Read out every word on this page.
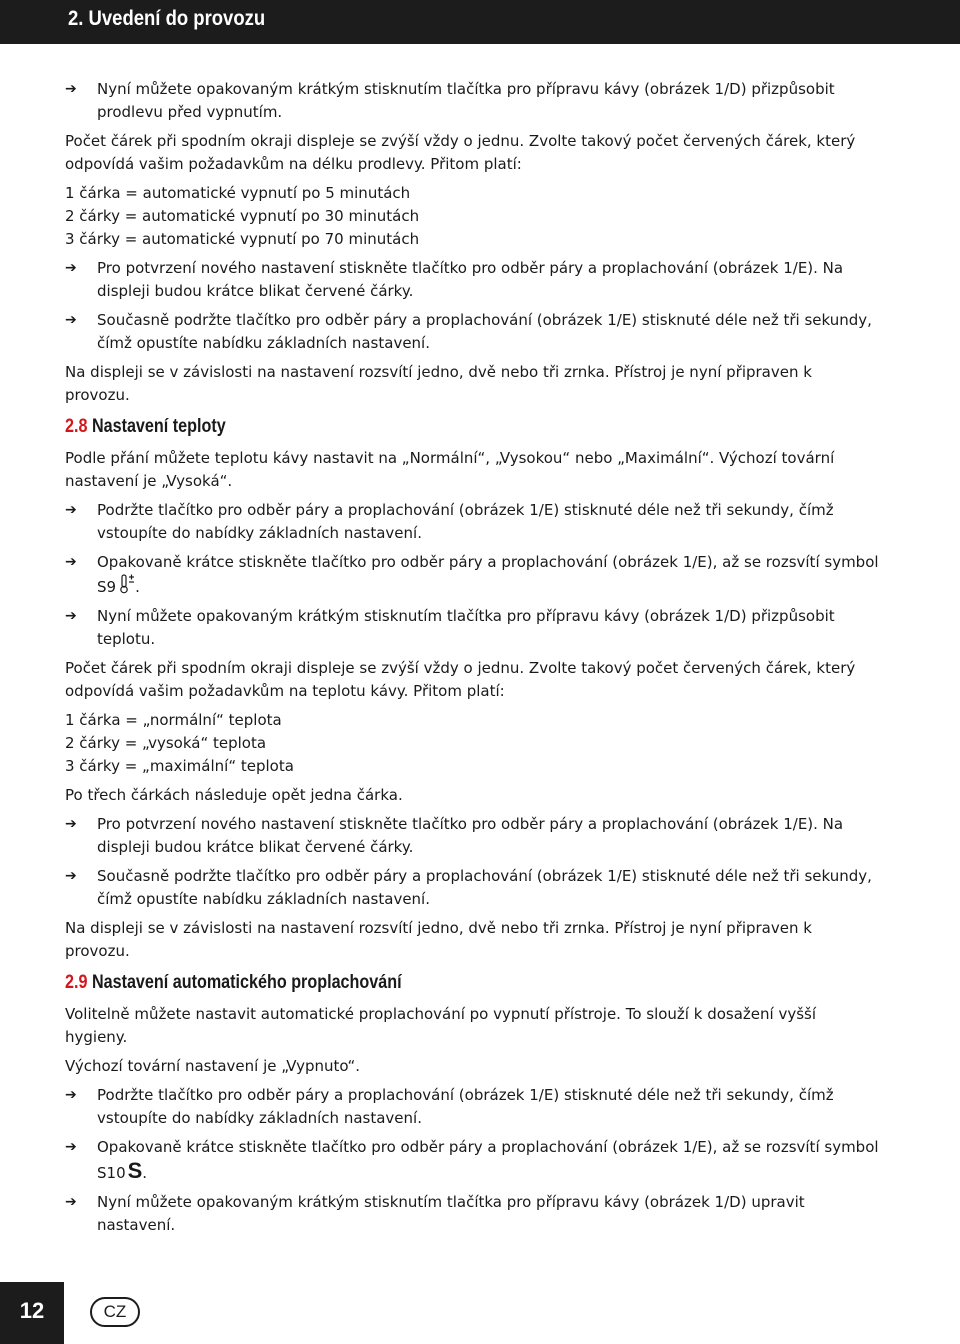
2. Uvedení do provozu
➔	Nyní můžete opakovaným krátkým stisknutím tlačítka pro přípravu kávy (obrázek 1/D) přizpůsobit prodlevu před vypnutím.
Počet čárek při spodním okraji displeje se zvýší vždy o jednu. Zvolte takový počet červených čárek, který odpovídá vašim požadavkům na délku prodlevy. Přitom platí:
1 čárka = automatické vypnutí po 5 minutách
2 čárky = automatické vypnutí po 30 minutách
3 čárky = automatické vypnutí po 70 minutách
➔	Pro potvrzení nového nastavení stiskněte tlačítko pro odběr páry a proplachování (obrázek 1/E). Na displeji budou krátce blikat červené čárky.
➔	Současně podržte tlačítko pro odběr páry a proplachování (obrázek 1/E) stisknuté déle než tři sekundy, čímž opustíte nabídku základních nastavení.
Na displeji se v závislosti na nastavení rozsvítí jedno, dvě nebo tři zrnka. Přístroj je nyní připraven k provozu.
2.8 Nastavení teploty
Podle přání můžete teplotu kávy nastavit na „Normální“, „Vysokou“ nebo „Maximální“. Výchozí tovární nastavení je „Vysoká“.
➔	Podržte tlačítko pro odběr páry a proplachování (obrázek 1/E) stisknuté déle než tři sekundy, čímž vstoupíte do nabídky základních nastavení.
➔	Opakovaně krátce stiskněte tlačítko pro odběr páry a proplachování (obrázek 1/E), až se rozsvítí symbol S9 .
➔	Nyní můžete opakovaným krátkým stisknutím tlačítka pro přípravu kávy (obrázek 1/D) přizpůsobit teplotu.
Počet čárek při spodním okraji displeje se zvýší vždy o jednu. Zvolte takový počet červených čárek, který odpovídá vašim požadavkům na teplotu kávy. Přitom platí:
1 čárka = „normální“ teplota
2 čárky = „vysoká“ teplota
3 čárky = „maximální“ teplota
Po třech čárkách následuje opět jedna čárka.
➔	Pro potvrzení nového nastavení stiskněte tlačítko pro odběr páry a proplachování (obrázek 1/E). Na displeji budou krátce blikat červené čárky.
➔	Současně podržte tlačítko pro odběr páry a proplachování (obrázek 1/E) stisknuté déle než tři sekundy, čímž opustíte nabídku základních nastavení.
Na displeji se v závislosti na nastavení rozsvítí jedno, dvě nebo tři zrnka. Přístroj je nyní připraven k provozu.
2.9 Nastavení automatického proplachování
Volitelně můžete nastavit automatické proplachování po vypnutí přístroje. To slouží k dosažení vyšší hygieny.
Výchozí tovární nastavení je „Vypnuto“.
➔	Podržte tlačítko pro odběr páry a proplachování (obrázek 1/E) stisknuté déle než tři sekundy, čímž vstoupíte do nabídky základních nastavení.
➔	Opakovaně krátce stiskněte tlačítko pro odběr páry a proplachování (obrázek 1/E), až se rozsvítí symbol S10S.
➔	Nyní můžete opakovaným krátkým stisknutím tlačítka pro přípravu kávy (obrázek 1/D) upravit nastavení.
12	CZ
